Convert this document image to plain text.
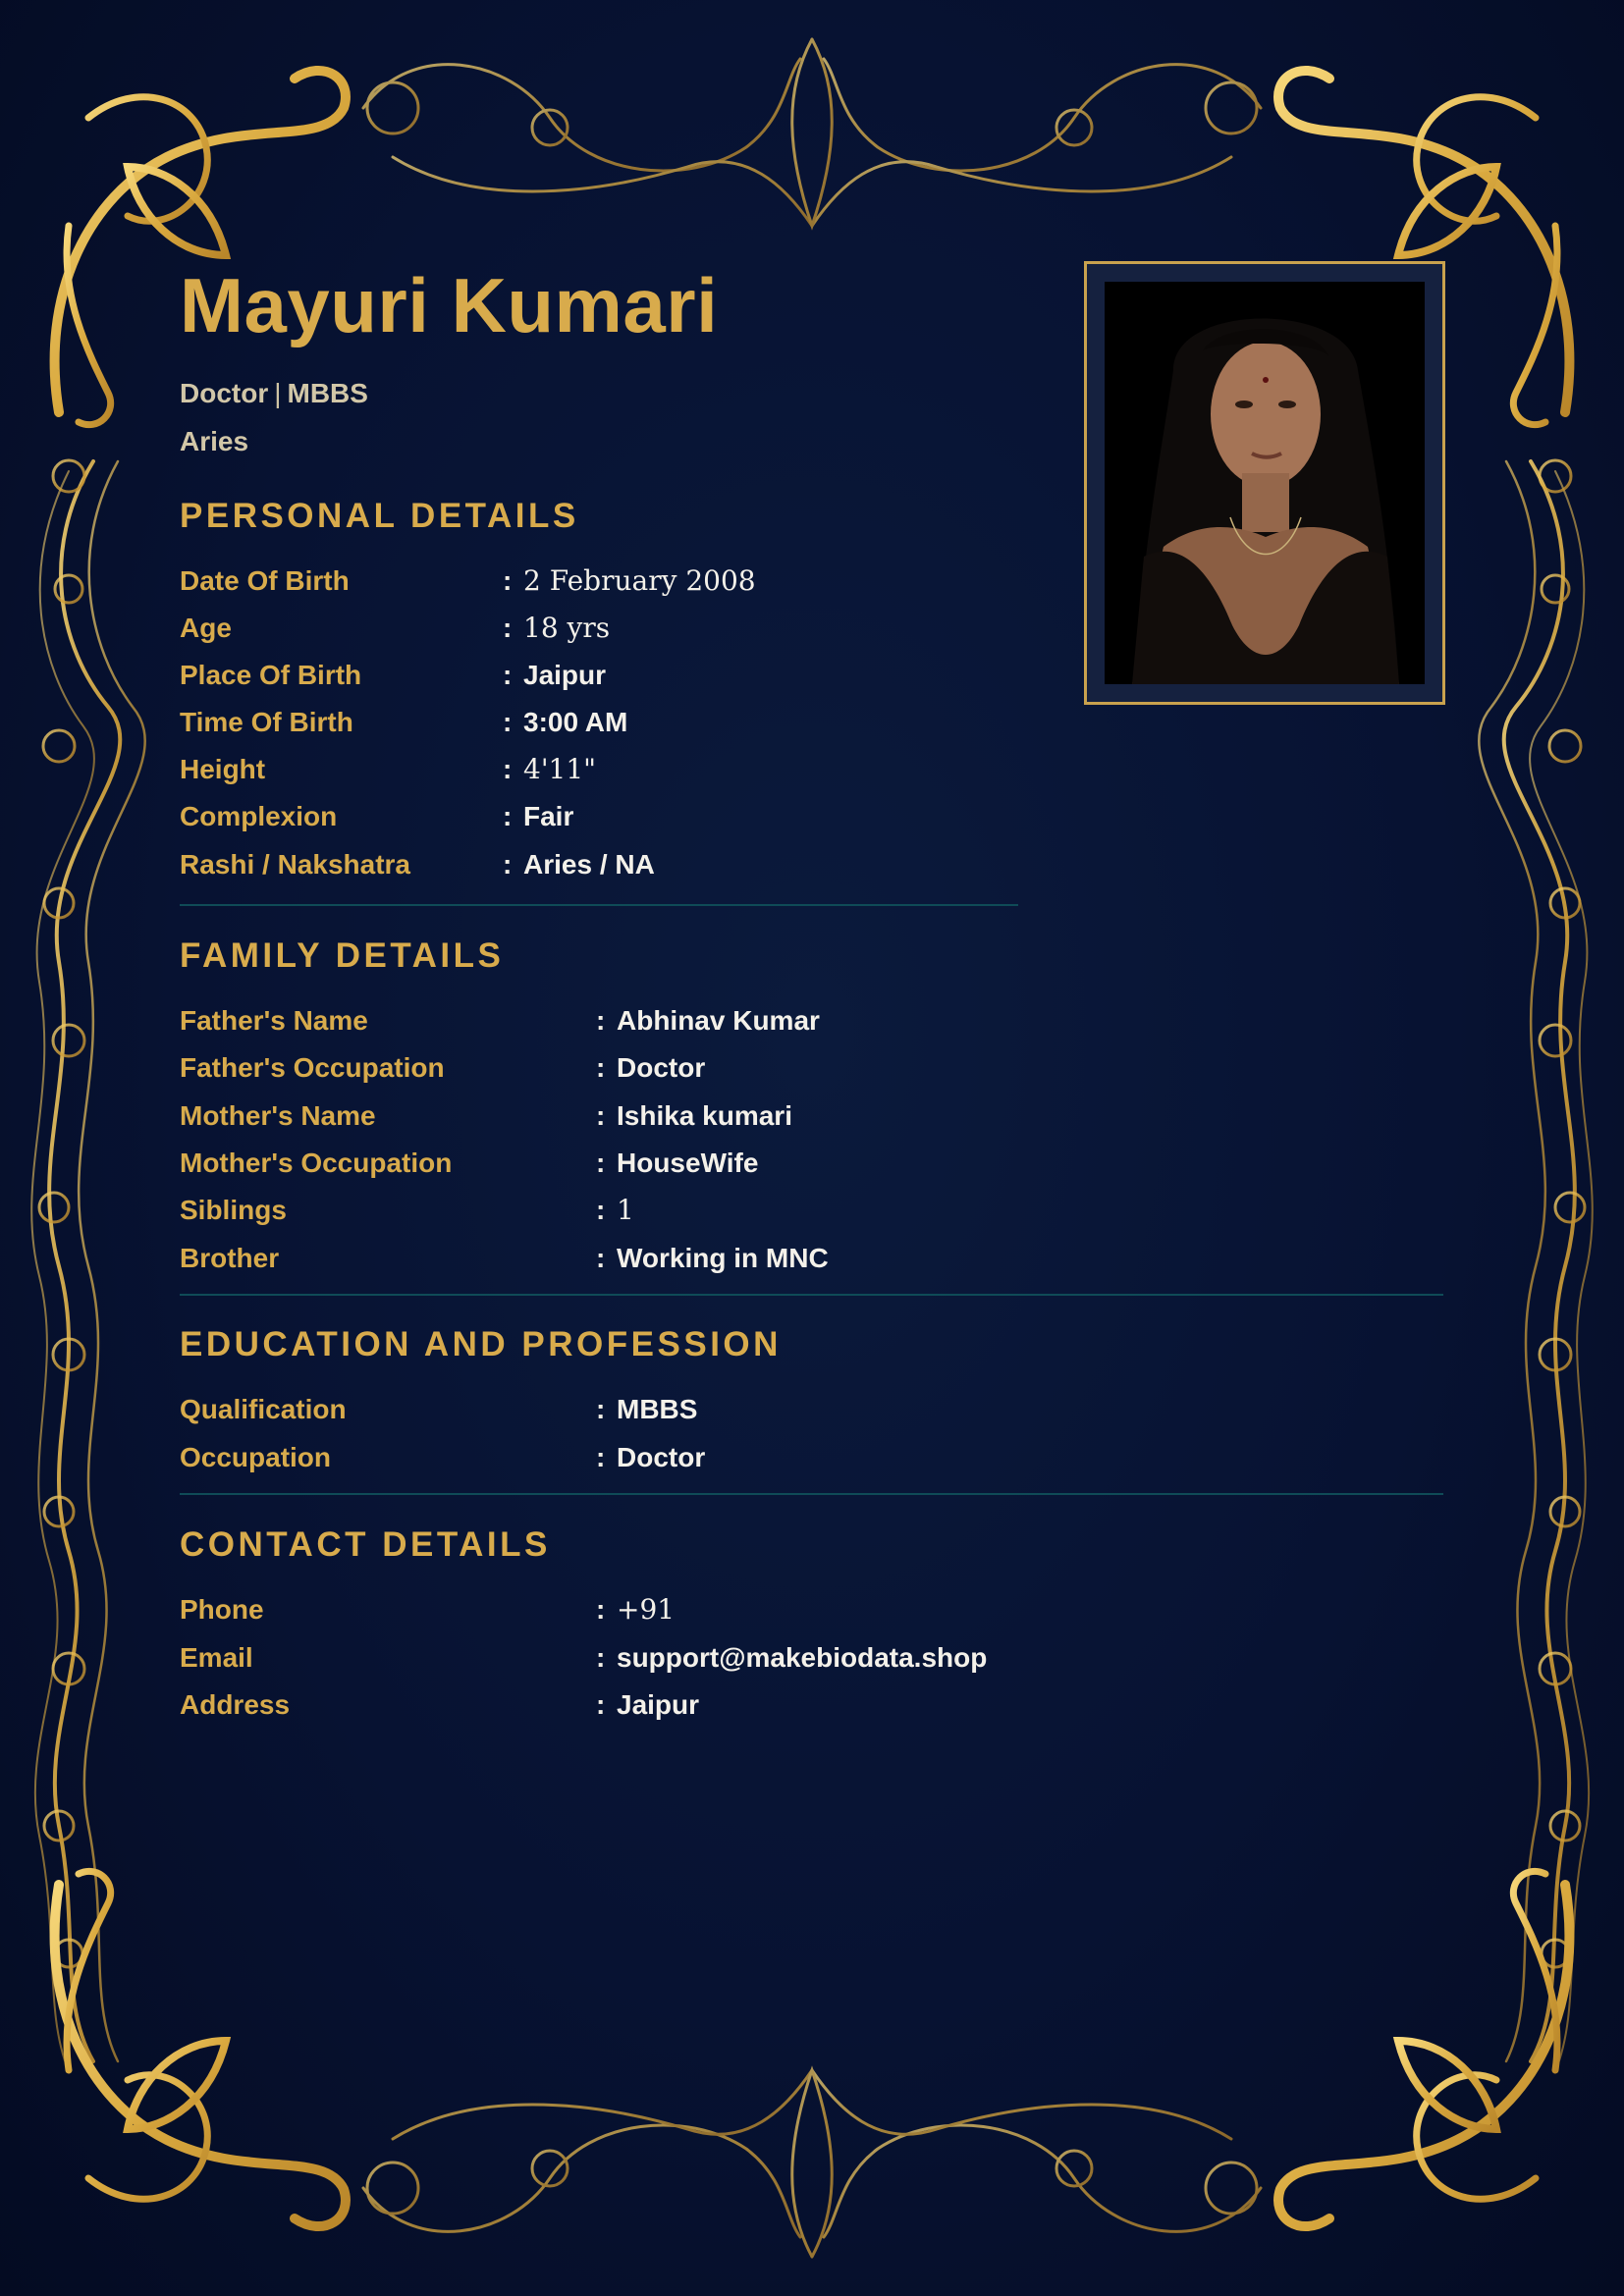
Mayuri Kumari
Doctor | MBBS
Aries
PERSONAL DETAILS
Date Of Birth	: 2 February 2008
Age	: 18 yrs
Place Of Birth	: Jaipur
Time Of Birth	: 3:00 AM
Height	: 4'11"
Complexion	: Fair
Rashi / Nakshatra	: Aries / NA
FAMILY DETAILS
Father's Name	: Abhinav Kumar
Father's Occupation	: Doctor
Mother's Name	: Ishika kumari
Mother's Occupation	: HouseWife
Siblings	: 1
Brother	: Working in MNC
EDUCATION AND PROFESSION
Qualification	: MBBS
Occupation	: Doctor
CONTACT DETAILS
Phone	: +91
Email	: support@makebiodata.shop
Address	: Jaipur
